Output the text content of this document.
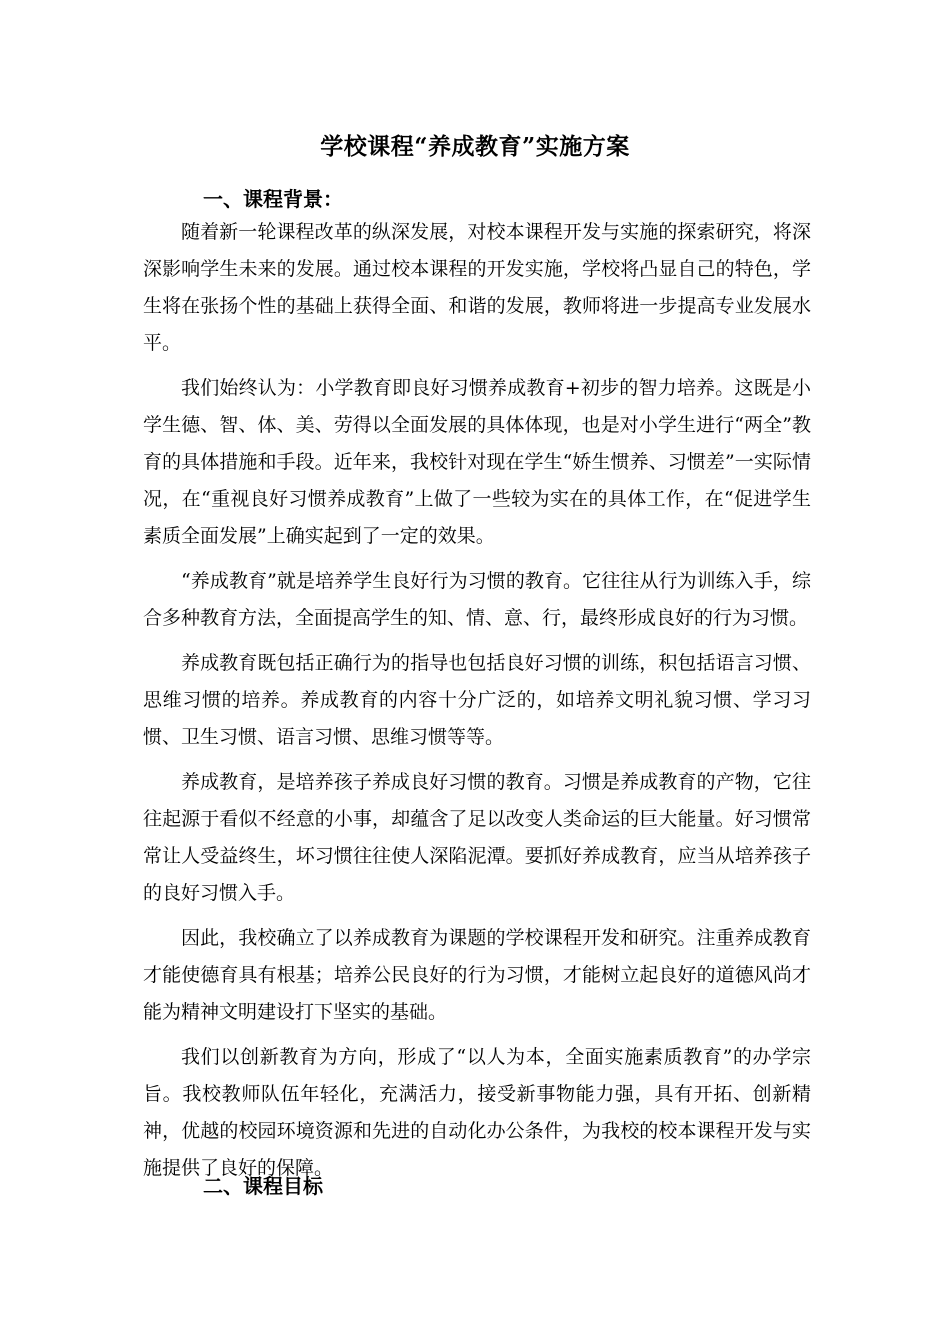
学校课程“养成教育”实施方案
一、课程背景：

随着新一轮课程改革的纵深发展，对校本课程开发与实施的探索研究，将深深影响学生未来的发展。通过校本课程的开发实施，学校将凸显自己的特色，学生将在张扬个性的基础上获得全面、和谐的发展，教师将进一步提高专业发展水平。

我们始终认为：小学教育即良好习惯养成教育+初步的智力培养。这既是小学生德、智、体、美、劳得以全面发展的具体体现，也是对小学生进行“两全”教育的具体措施和手段。近年来，我校针对现在学生“娇生惯养、习惯差”一实际情况，在“重视良好习惯养成教育”上做了一些较为实在的具体工作，在“促进学生素质全面发展”上确实起到了一定的效果。

“养成教育”就是培养学生良好行为习惯的教育。它往往从行为训练入手，综合多种教育方法，全面提高学生的知、情、意、行，最终形成良好的行为习惯。

养成教育既包括正确行为的指导也包括良好习惯的训练，积包括语言习惯、思维习惯的培养。养成教育的内容十分广泛的，如培养文明礼貌习惯、学习习惯、卫生习惯、语言习惯、思维习惯等等。

养成教育，是培养孩子养成良好习惯的教育。习惯是养成教育的产物，它往往起源于看似不经意的小事，却蕴含了足以改变人类命运的巨大能量。好习惯常常让人受益终生，坏习惯往往使人深陷泥潭。要抓好养成教育，应当从培养孩子的良好习惯入手。

因此，我校确立了以养成教育为课题的学校课程开发和研究。注重养成教育才能使德育具有根基；培养公民良好的行为习惯，才能树立起良好的道德风尚才能为精神文明建设打下坚实的基础。

我们以创新教育为方向，形成了“以人为本，全面实施素质教育”的办学宗旨。我校教师队伍年轻化，充满活力，接受新事物能力强，具有开拓、创新精神，优越的校园环境资源和先进的自动化办公条件，为我校的校本课程开发与实施提供了良好的保障。

二、课程目标
